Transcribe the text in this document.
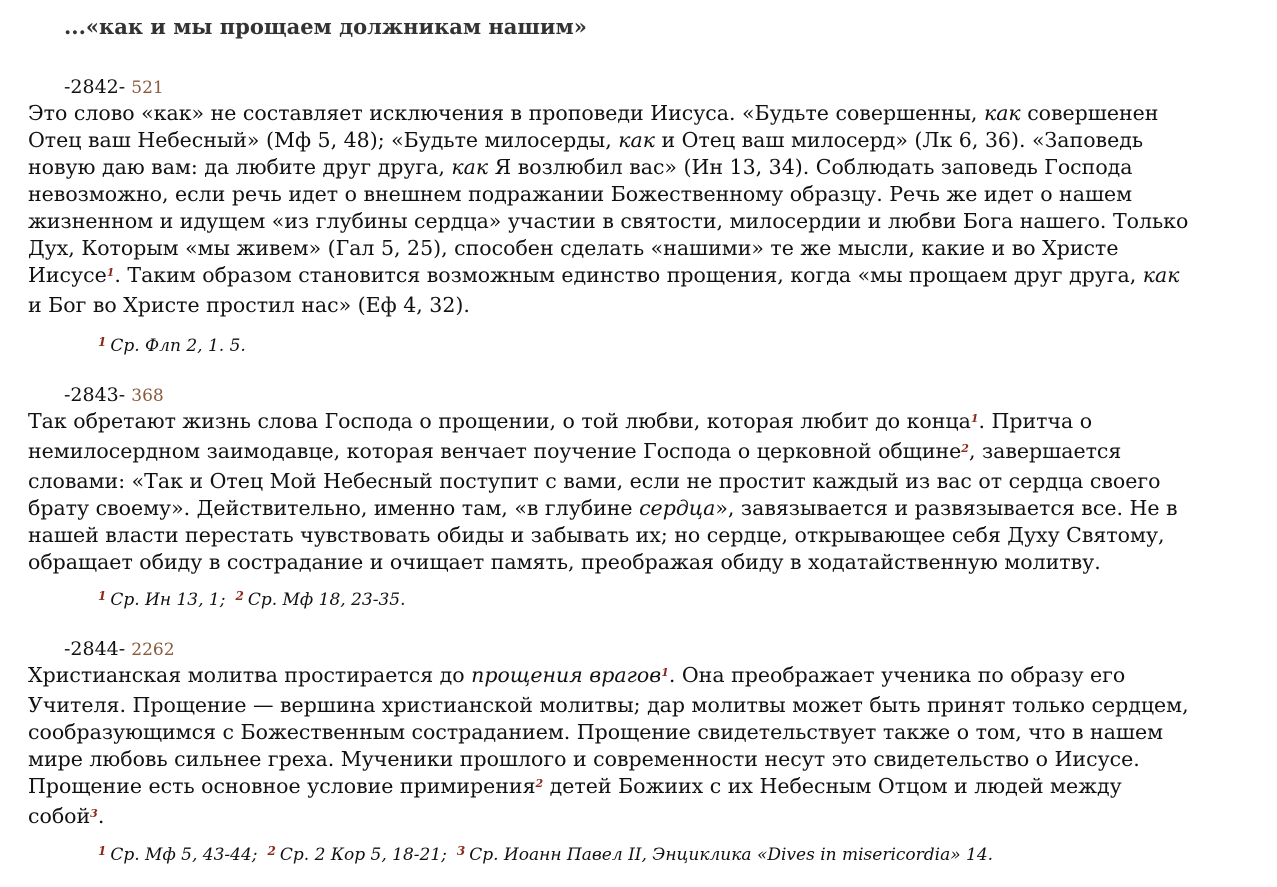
...«как и мы прощаем должникам нашим»
-2842- 521
Это слово «как» не составляет исключения в проповеди Иисуса. «Будьте совершенны, как совершенен
Отец ваш Небесный» (Мф 5, 48); «Будьте милосерды, как и Отец ваш милосерд» (Лк 6, 36). «Заповедь
новую даю вам: да любите друг друга, как Я возлюбил вас» (Ин 13, 34). Соблюдать заповедь Господа
невозможно, если речь идет о внешнем подражании Божественному образцу. Речь же идет о нашем
жизненном и идущем «из глубины сердца» участии в святости, милосердии и любви Бога нашего. Только
Дух, Которым «мы живем» (Гал 5, 25), способен сделать «нашими» те же мысли, какие и во Христе
Иисусе$^1$. Таким образом становится возможным единство прощения, когда «мы прощаем друг друга, как
и Бог во Христе простил нас» (Еф 4, 32).
$^1$ Ср. Флп 2, 1. 5.
-2843- 368
Так обретают жизнь слова Господа о прощении, о той любви, которая любит до конца$^1$. Притча о
немилосердном заимодавце, которая венчает поучение Господа о церковной общине$^2$, завершается
словами: «Так и Отец Мой Небесный поступит с вами, если не простит каждый из вас от сердца своего
брату своему». Действительно, именно там, «в глубине сердца», завязывается и развязывается все. Не в
нашей власти перестать чувствовать обиды и забывать их; но сердце, открывающее себя Духу Святому,
обращает обиду в сострадание и очищает память, преображая обиду в ходатайственную молитву.
$^1$ Ср. Ин 13, 1; $^2$ Ср. Мф 18, 23-35.
-2844- 2262
Христианская молитва простирается до прощения врагов$^1$. Она преображает ученика по образу его
Учителя. Прощение — вершина христианской молитвы; дар молитвы может быть принят только сердцем,
сообразующимся с Божественным состраданием. Прощение свидетельствует также о том, что в нашем
мире любовь сильнее греха. Мученики прошлого и современности несут это свидетельство о Иисусе.
Прощение есть основное условие примирения$^2$ детей Божиих с их Небесным Отцом и людей между
собой$^3$.
$^1$ Ср. Мф 5, 43-44; $^2$ Ср. 2 Кор 5, 18-21; $^3$ Ср. Иоанн Павел II, Энциклика «Dives in misericordia» 14.
